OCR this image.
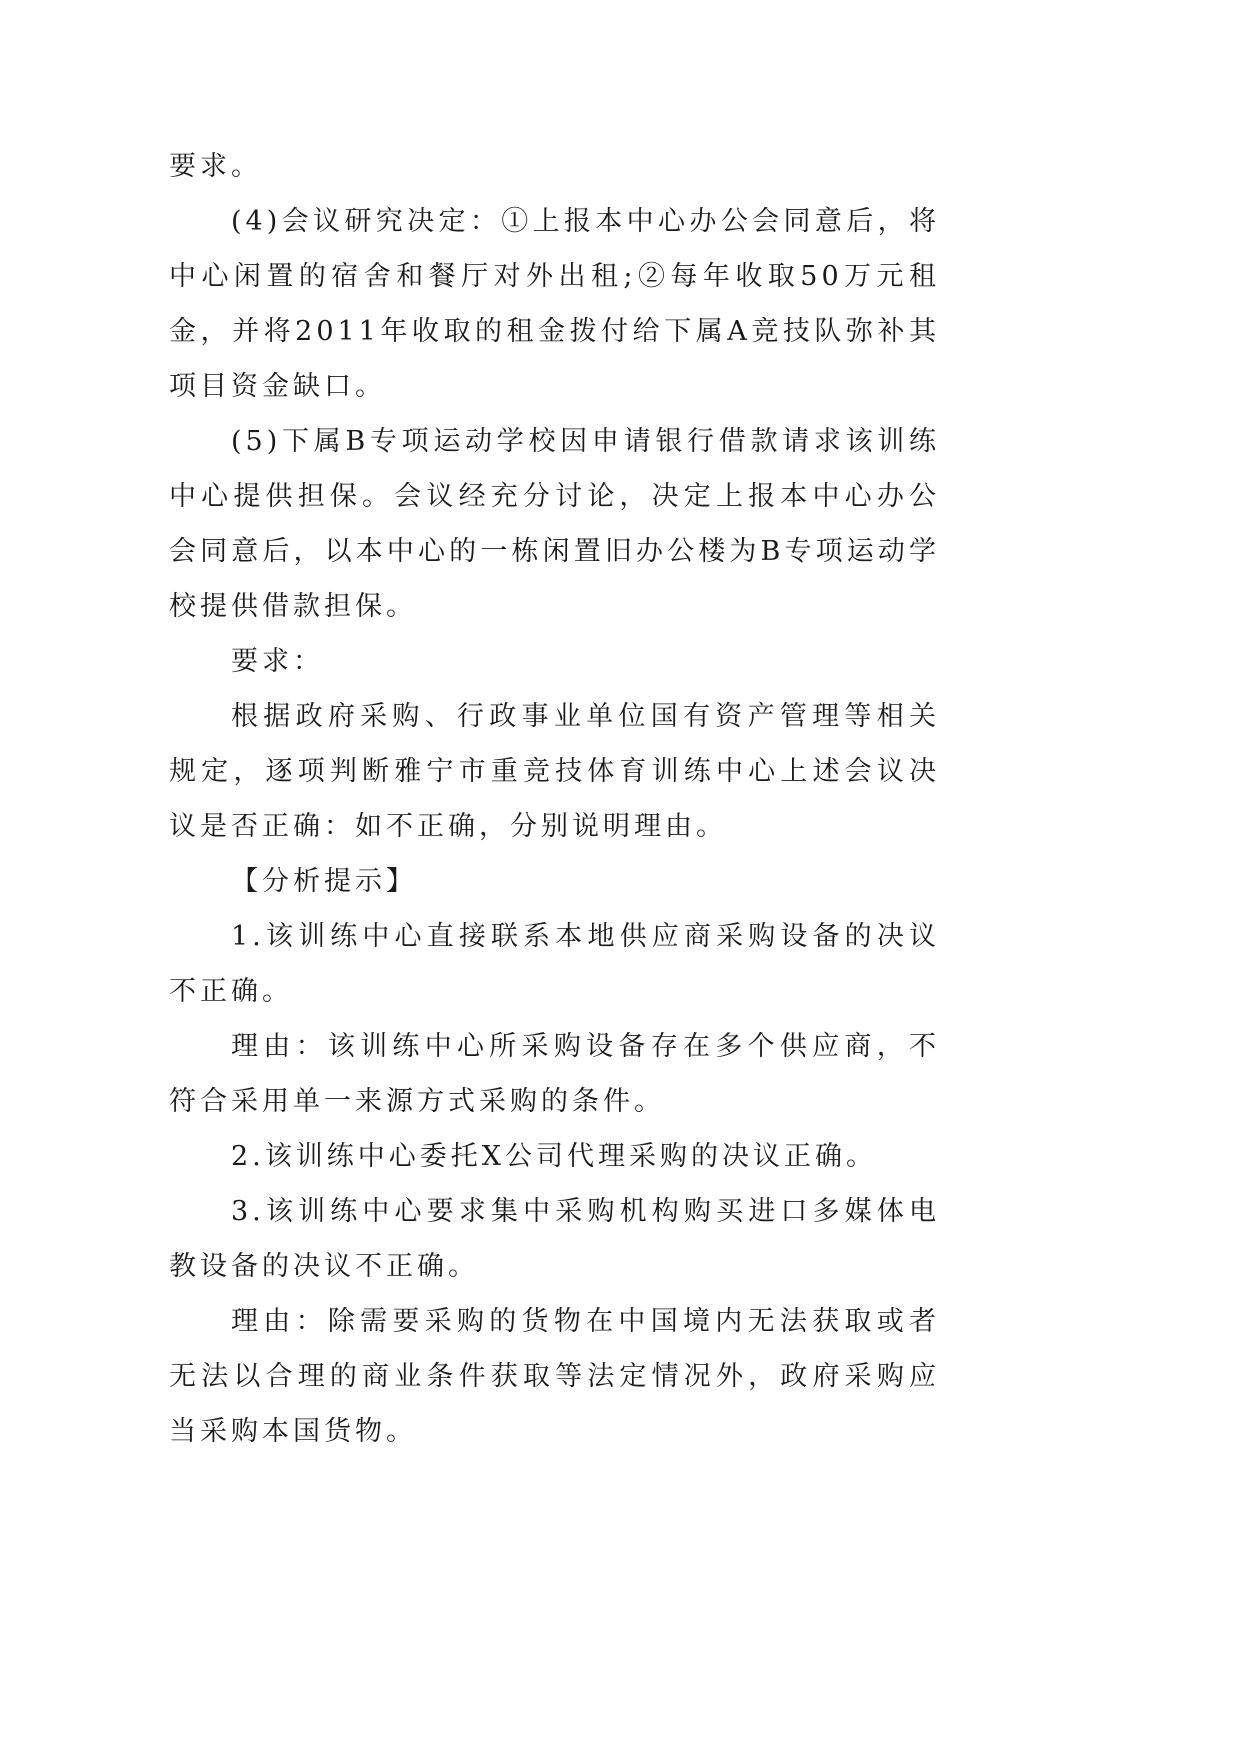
要求。

(4)会议研究决定：①上报本中心办公会同意后，将中心闲置的宿舍和餐厅对外出租;②每年收取50万元租金，并将2011年收取的租金拨付给下属A竞技队弥补其项目资金缺口。

(5)下属B专项运动学校因申请银行借款请求该训练中心提供担保。会议经充分讨论，决定上报本中心办公会同意后，以本中心的一栋闲置旧办公楼为B专项运动学校提供借款担保。

要求：

根据政府采购、行政事业单位国有资产管理等相关规定，逐项判断雅宁市重竞技体育训练中心上述会议决议是否正确：如不正确，分别说明理由。

【分析提示】

1.该训练中心直接联系本地供应商采购设备的决议不正确。

理由：该训练中心所采购设备存在多个供应商，不符合采用单一来源方式采购的条件。

2.该训练中心委托X公司代理采购的决议正确。

3.该训练中心要求集中采购机构购买进口多媒体电教设备的决议不正确。

理由：除需要采购的货物在中国境内无法获取或者无法以合理的商业条件获取等法定情况外，政府采购应当采购本国货物。
